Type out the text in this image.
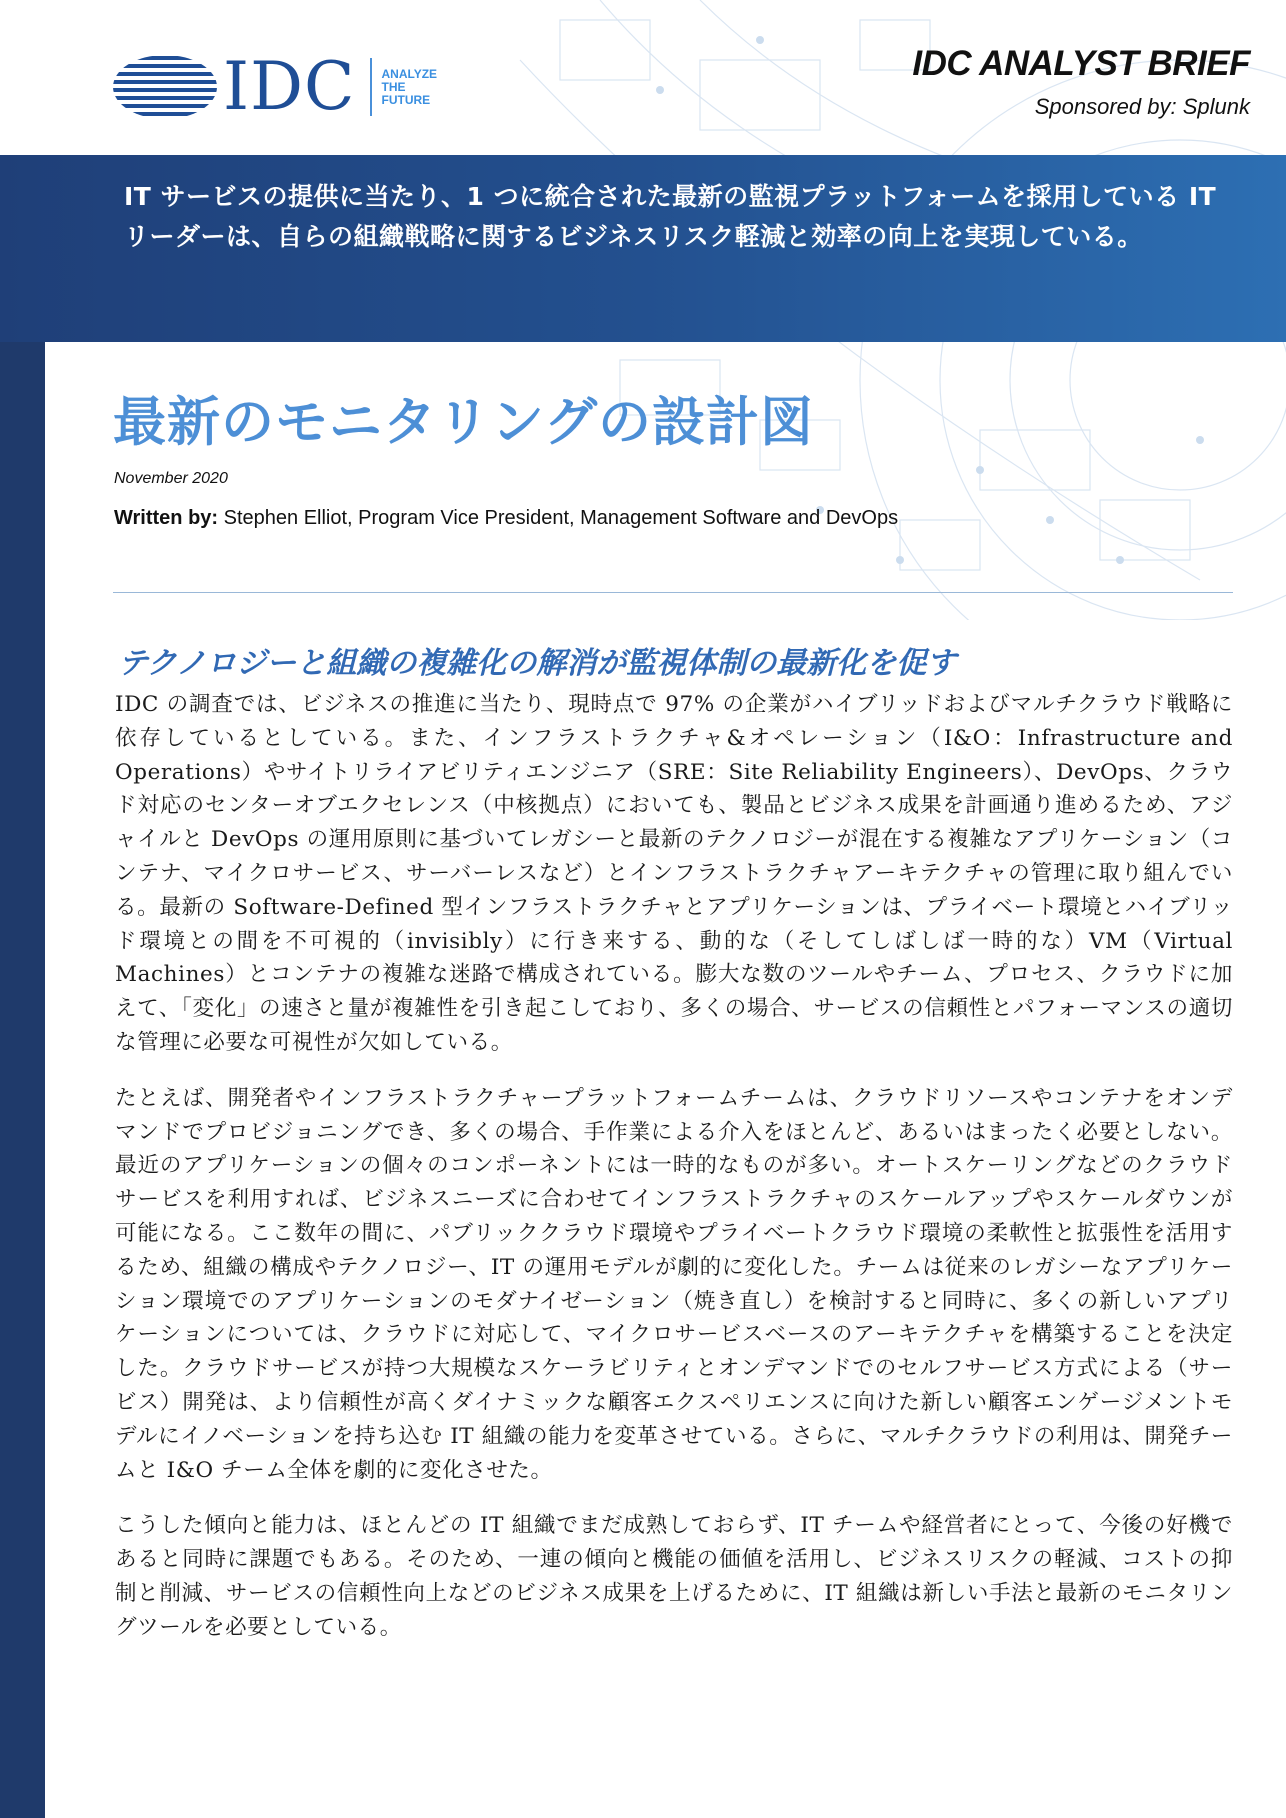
IDC ANALYZE
THE
FUTURE
IDC ANALYST BRIEF
Sponsored by: Splunk
IT サービスの提供に当たり、1 つに統合された最新の監視プラットフォームを採用している IT リーダーは、自らの組織戦略に関するビジネスリスク軽減と効率の向上を実現している。
最新のモニタリングの設計図
November 2020
Written by: Stephen Elliot, Program Vice President, Management Software and DevOps
テクノロジーと組織の複雑化の解消が監視体制の最新化を促す

IDC の調査では、ビジネスの推進に当たり、現時点で 97% の企業がハイブリッドおよびマルチクラウド戦略に依存しているとしている。また、インフラストラクチャ&オペレーション（I&O：Infrastructure and Operations）やサイトリライアビリティエンジニア（SRE：Site Reliability Engineers）、DevOps、クラウド対応のセンターオブエクセレンス（中核拠点）においても、製品とビジネス成果を計画通り進めるため、アジャイルと DevOps の運用原則に基づいてレガシーと最新のテクノロジーが混在する複雑なアプリケーション（コンテナ、マイクロサービス、サーバーレスなど）とインフラストラクチャアーキテクチャの管理に取り組んでいる。最新の Software-Defined 型インフラストラクチャとアプリケーションは、プライベート環境とハイブリッド環境との間を不可視的（invisibly）に行き来する、動的な（そしてしばしば一時的な）VM（Virtual Machines）とコンテナの複雑な迷路で構成されている。膨大な数のツールやチーム、プロセス、クラウドに加えて、「変化」の速さと量が複雑性を引き起こしており、多くの場合、サービスの信頼性とパフォーマンスの適切な管理に必要な可視性が欠如している。

たとえば、開発者やインフラストラクチャープラットフォームチームは、クラウドリソースやコンテナをオンデマンドでプロビジョニングでき、多くの場合、手作業による介入をほとんど、あるいはまったく必要としない。最近のアプリケーションの個々のコンポーネントには一時的なものが多い。オートスケーリングなどのクラウドサービスを利用すれば、ビジネスニーズに合わせてインフラストラクチャのスケールアップやスケールダウンが可能になる。ここ数年の間に、パブリッククラウド環境やプライベートクラウド環境の柔軟性と拡張性を活用するため、組織の構成やテクノロジー、IT の運用モデルが劇的に変化した。チームは従来のレガシーなアプリケーション環境でのアプリケーションのモダナイゼーション（焼き直し）を検討すると同時に、多くの新しいアプリケーションについては、クラウドに対応して、マイクロサービスベースのアーキテクチャを構築することを決定した。クラウドサービスが持つ大規模なスケーラビリティとオンデマンドでのセルフサービス方式による（サービス）開発は、より信頼性が高くダイナミックな顧客エクスペリエンスに向けた新しい顧客エンゲージメントモデルにイノベーションを持ち込む IT 組織の能力を変革させている。さらに、マルチクラウドの利用は、開発チームと I&O チーム全体を劇的に変化させた。

こうした傾向と能力は、ほとんどの IT 組織でまだ成熟しておらず、IT チームや経営者にとって、今後の好機であると同時に課題でもある。そのため、一連の傾向と機能の価値を活用し、ビジネスリスクの軽減、コストの抑制と削減、サービスの信頼性向上などのビジネス成果を上げるために、IT 組織は新しい手法と最新のモニタリングツールを必要としている。
